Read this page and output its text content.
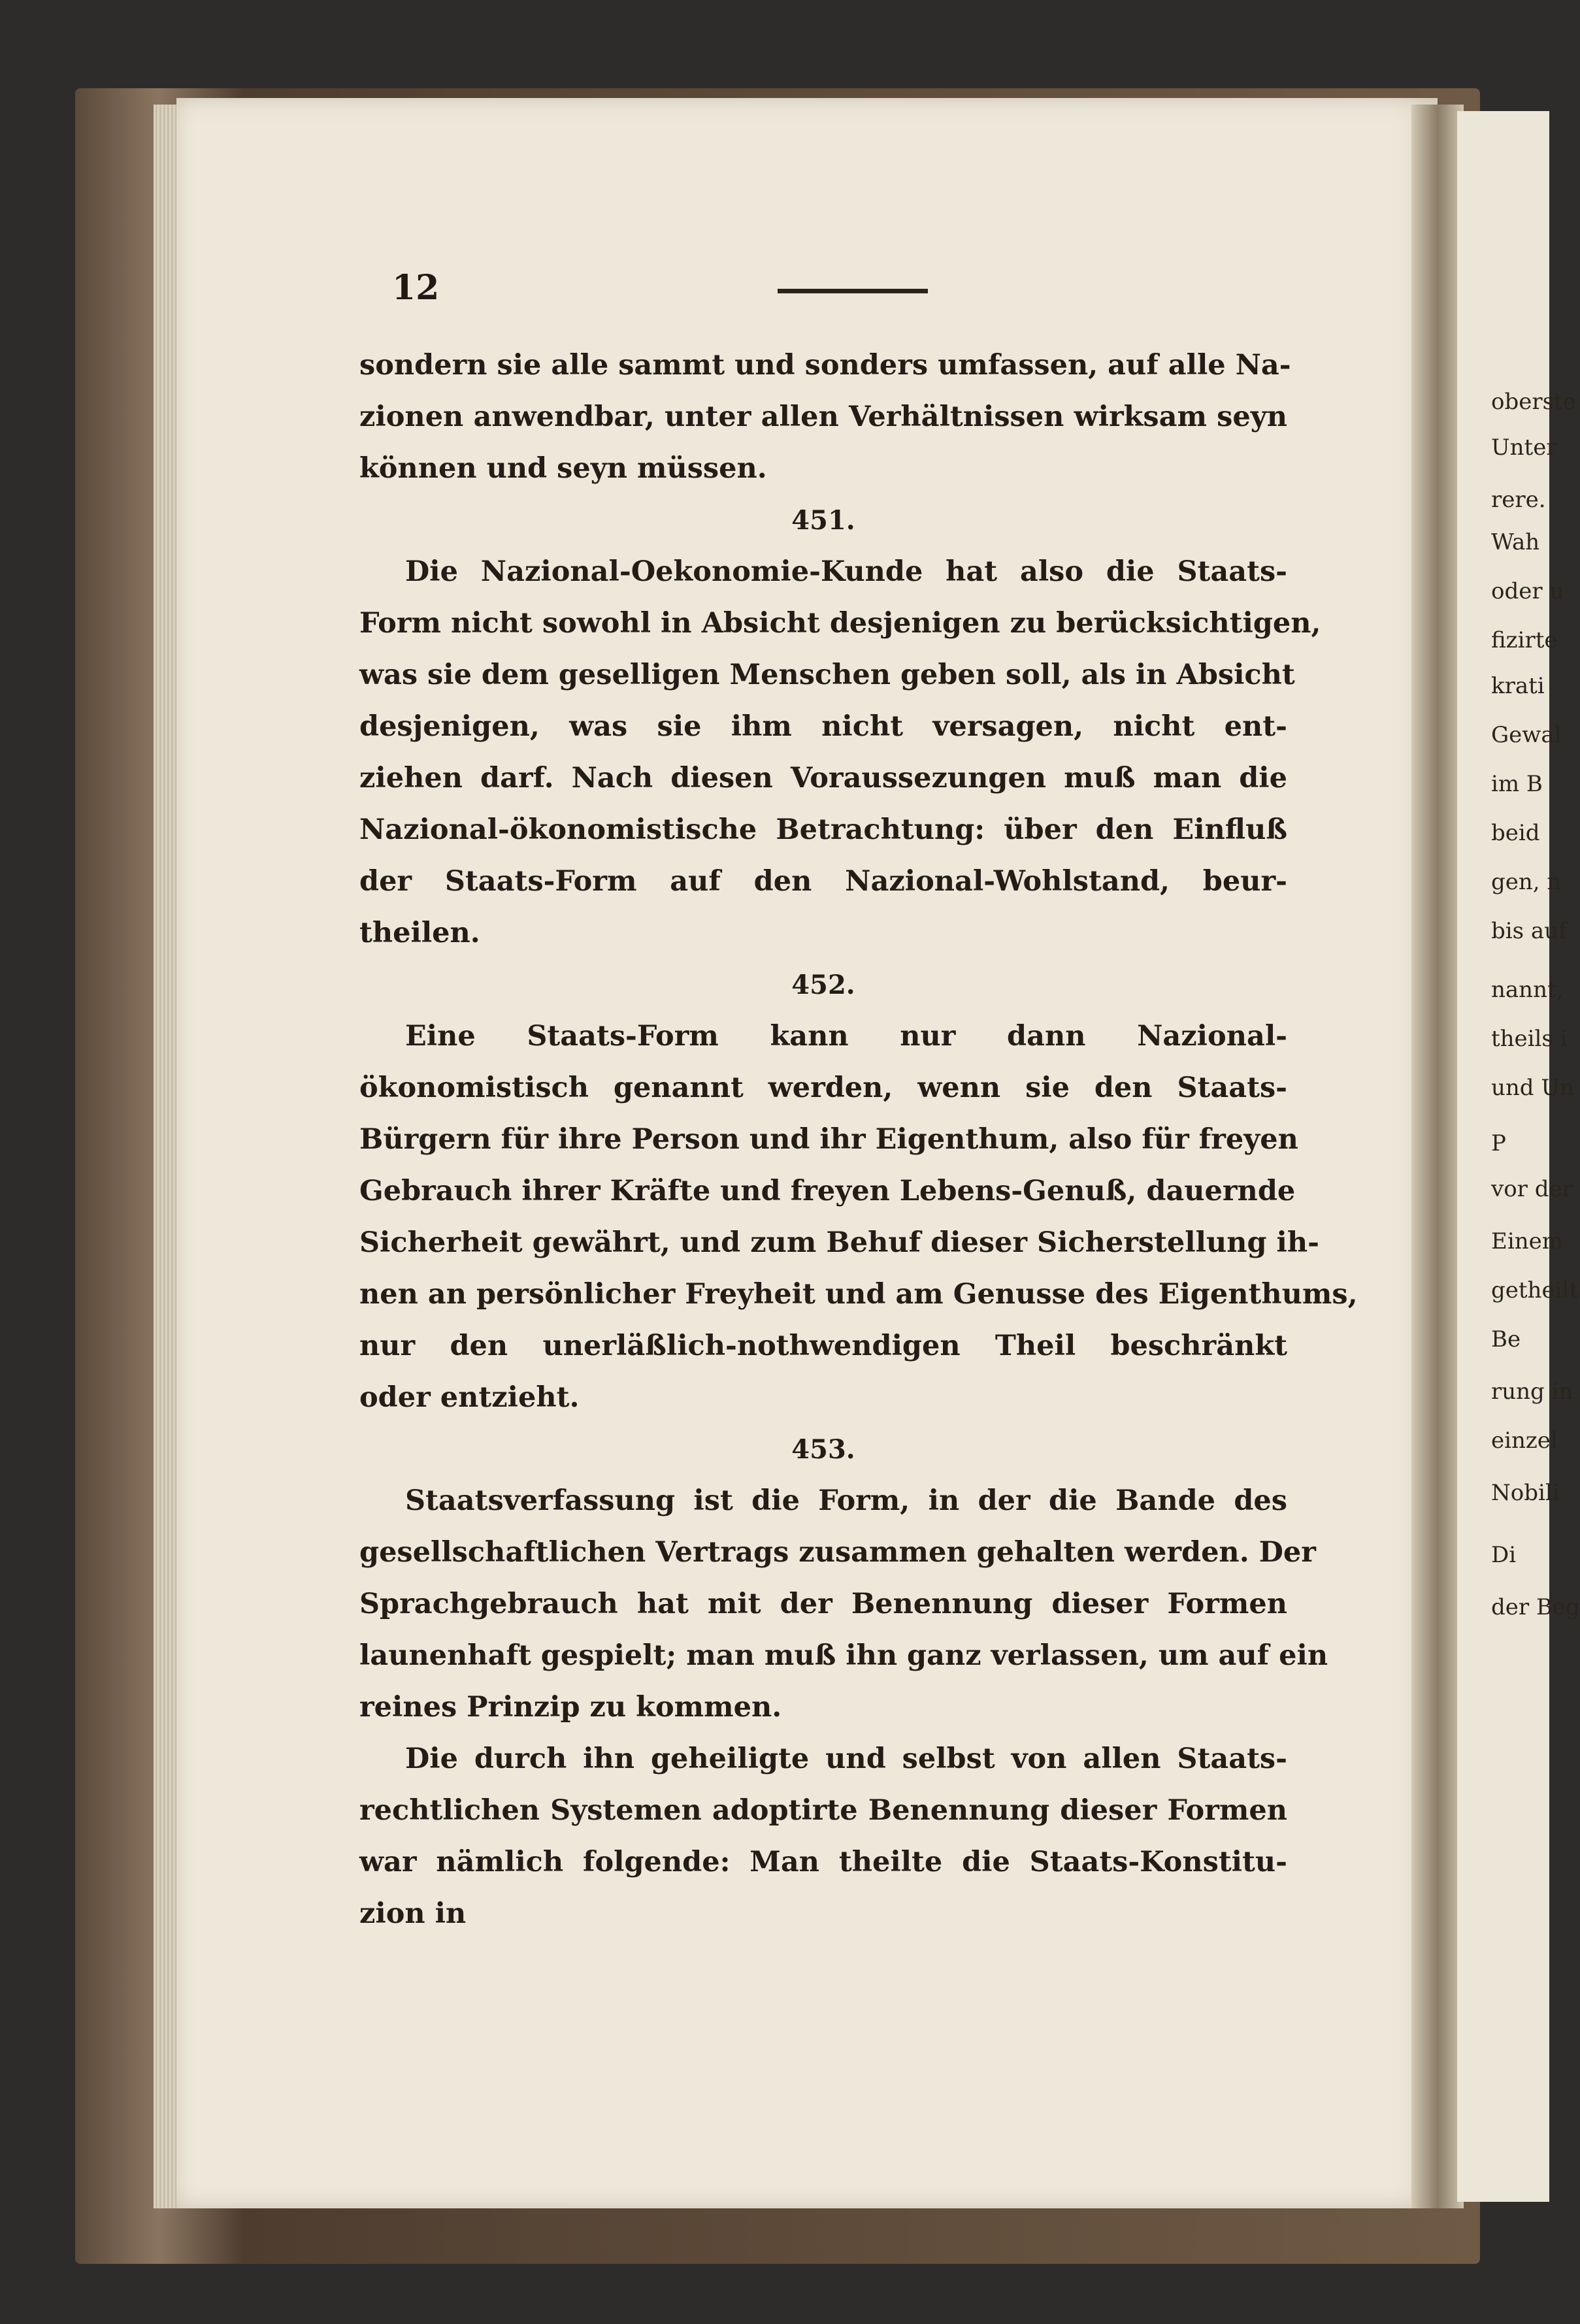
oberste
Unter
rere.
Wah
oder u
fizirte
krati
Gewal
im B
beid
gen, n
bis auf
nannt,
theils i
und Un
P
vor der
Einem
getheilt
Be
rung in
einzel
Nobili
Di
der Beg
12
sondern sie alle sammt und sonders umfassen, auf alle Na-
zionen anwendbar, unter allen Verhältnissen wirksam seyn
können und seyn müssen.
451.
Die Nazional-Oekonomie-Kunde hat also die Staats-
Form nicht sowohl in Absicht desjenigen zu berücksichtigen,
was sie dem geselligen Menschen geben soll, als in Absicht
desjenigen, was sie ihm nicht versagen, nicht ent-
ziehen darf. Nach diesen Voraussezungen muß man die
Nazional-ökonomistische Betrachtung: über den Einfluß
der Staats-Form auf den Nazional-Wohlstand, beur-
theilen.
452.
Eine Staats-Form kann nur dann Nazional-
ökonomistisch genannt werden, wenn sie den Staats-
Bürgern für ihre Person und ihr Eigenthum, also für freyen
Gebrauch ihrer Kräfte und freyen Lebens-Genuß, dauernde
Sicherheit gewährt, und zum Behuf dieser Sicherstellung ih-
nen an persönlicher Freyheit und am Genusse des Eigenthums,
nur den unerläßlich-nothwendigen Theil beschränkt
oder entzieht.
453.
Staatsverfassung ist die Form, in der die Bande des
gesellschaftlichen Vertrags zusammen gehalten werden. Der
Sprachgebrauch hat mit der Benennung dieser Formen
launenhaft gespielt; man muß ihn ganz verlassen, um auf ein
reines Prinzip zu kommen.
Die durch ihn geheiligte und selbst von allen Staats-
rechtlichen Systemen adoptirte Benennung dieser Formen
war nämlich folgende: Man theilte die Staats-Konstitu-
zion in
